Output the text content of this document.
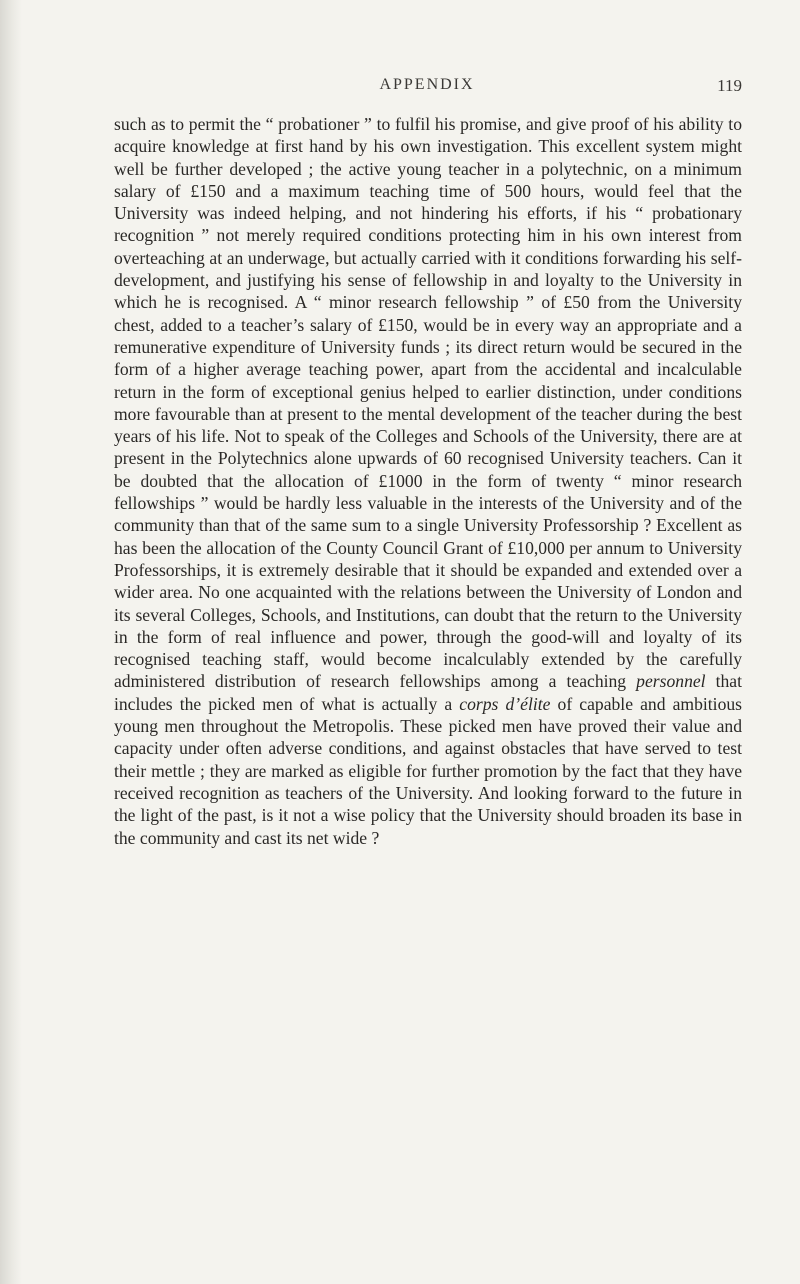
APPENDIX	119

such as to permit the “ probationer ” to fulfil his promise, and give proof of his ability to acquire knowledge at first hand by his own investigation. This excellent system might well be further developed ; the active young teacher in a polytechnic, on a minimum salary of £150 and a maximum teaching time of 500 hours, would feel that the University was indeed helping, and not hindering his efforts, if his “ probationary recognition ” not merely required conditions protecting him in his own interest from overteaching at an underwage, but actually carried with it conditions forwarding his self-development, and justifying his sense of fellowship in and loyalty to the University in which he is recognised. A “ minor research fellowship ” of £50 from the University chest, added to a teacher’s salary of £150, would be in every way an appropriate and a remunerative expenditure of University funds ; its direct return would be secured in the form of a higher average teaching power, apart from the accidental and incalculable return in the form of exceptional genius helped to earlier distinction, under conditions more favourable than at present to the mental development of the teacher during the best years of his life. Not to speak of the Colleges and Schools of the University, there are at present in the Polytechnics alone upwards of 60 recognised University teachers. Can it be doubted that the allocation of £1000 in the form of twenty “ minor research fellowships ” would be hardly less valuable in the interests of the University and of the community than that of the same sum to a single University Professorship ? Excellent as has been the allocation of the County Council Grant of £10,000 per annum to University Professorships, it is extremely desirable that it should be expanded and extended over a wider area. No one acquainted with the relations between the University of London and its several Colleges, Schools, and Institutions, can doubt that the return to the University in the form of real influence and power, through the good-will and loyalty of its recognised teaching staff, would become incalculably extended by the carefully administered distribution of research fellowships among a teaching personnel that includes the picked men of what is actually a corps d’élite of capable and ambitious young men throughout the Metropolis. These picked men have proved their value and capacity under often adverse conditions, and against obstacles that have served to test their mettle ; they are marked as eligible for further promotion by the fact that they have received recognition as teachers of the University. And looking forward to the future in the light of the past, is it not a wise policy that the University should broaden its base in the community and cast its net wide ?
